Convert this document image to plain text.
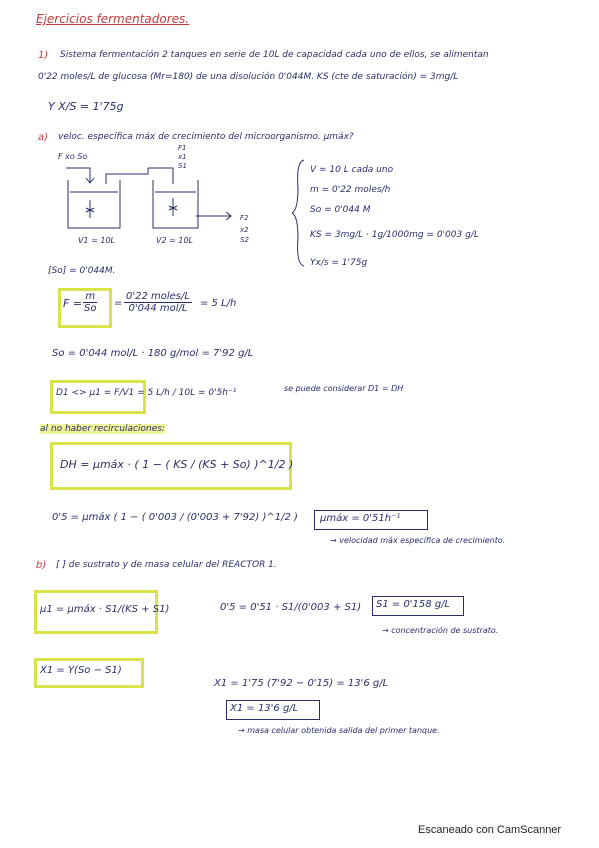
Ejercicios fermentadores.
1) Sistema fermentación 2 tanques en serie de 10L de capacidad cada uno de ellos, se alimentan
0'22 moles/L de glucosa (Mr=180) de una disolución 0'044M. KS (cte de saturación) = 3mg/L
Y X/S = 1'75g
a) veloc. específica máx de crecimiento del microorganismo. μmáx?
F xo So
F1
x1
S1
F2
x2
S2
V1 = 10L	V2 = 10L
V = 10 L cada uno
m = 0'22 moles/h
So = 0'044 M
KS = 3mg/L · 1g/1000mg = 0'003 g/L
Yx/s = 1'75g
[So] = 0'044M.
$F = \frac{m}{So}$ =
0'22 moles/L
0'044 mol/L = 5 L/h
So = 0'044 mol/L · 180 g/mol = 7'92 g/L
D1 <> μ1 = F/V1 = 5 L/h / 10L = 0'5h⁻¹	se puede considerar D1 = DH
al no haber recirculaciones:
DH = μmáx · ( 1 − ( KS / (KS + So) )^1/2 )
0'5 = μmáx ( 1 − ( 0'003 / (0'003 + 7'92) )^1/2 ) μmáx = 0'51h⁻¹
→ velocidad máx específica de crecimiento.
b) [ ] de sustrato y de masa celular del REACTOR 1.
μ1 = μmáx · S1/(KS + S1)	0'5 = 0'51 · S1/(0'003 + S1) S1 = 0'158 g/L
→ concentración de sustrato.
X1 = Y(So − S1)
X1 = 1'75 (7'92 − 0'15) = 13'6 g/L
X1 = 13'6 g/L
→ masa celular obtenida salida del primer tanque.
Escaneado con CamScanner
